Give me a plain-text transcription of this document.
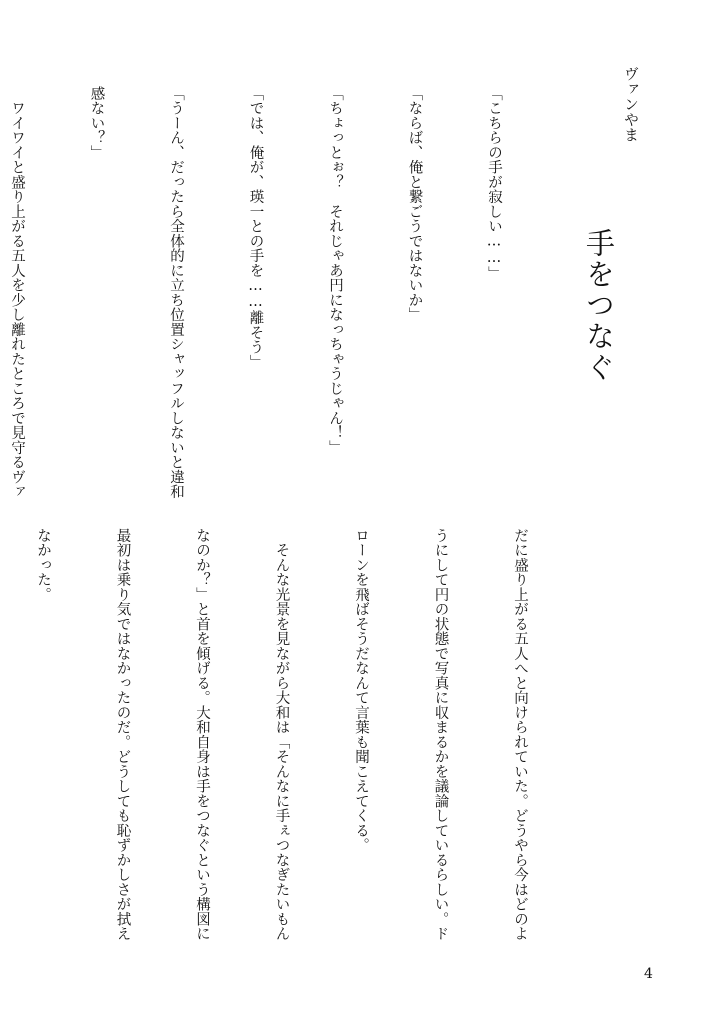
ヴァンやま
手をつなぐ

「こちらの手が寂しい……」

「ならば、俺と繋ごうではないか」

「ちょっとぉ？　それじゃあ円になっちゃうじゃん！」

「では、俺が、瑛一との手を……離そう」

「うーん、だったら全体的に立ち位置シャッフルしないと違和

感ない？」

　ワイワイと盛り上がる五人を少し離れたところで見守るヴァ

だに盛り上がる五人へと向けられていた。どうやら今はどのよ

うにして円の状態で写真に収まるかを議論しているらしい。ド

ローンを飛ばそうだなんて言葉も聞こえてくる。

　そんな光景を見ながら大和は「そんなに手ぇつなぎたいもん

なのか？」と首を傾げる。大和自身は手をつなぐという構図に

最初は乗り気ではなかったのだ。どうしても恥ずかしさが拭え

なかった。

4
